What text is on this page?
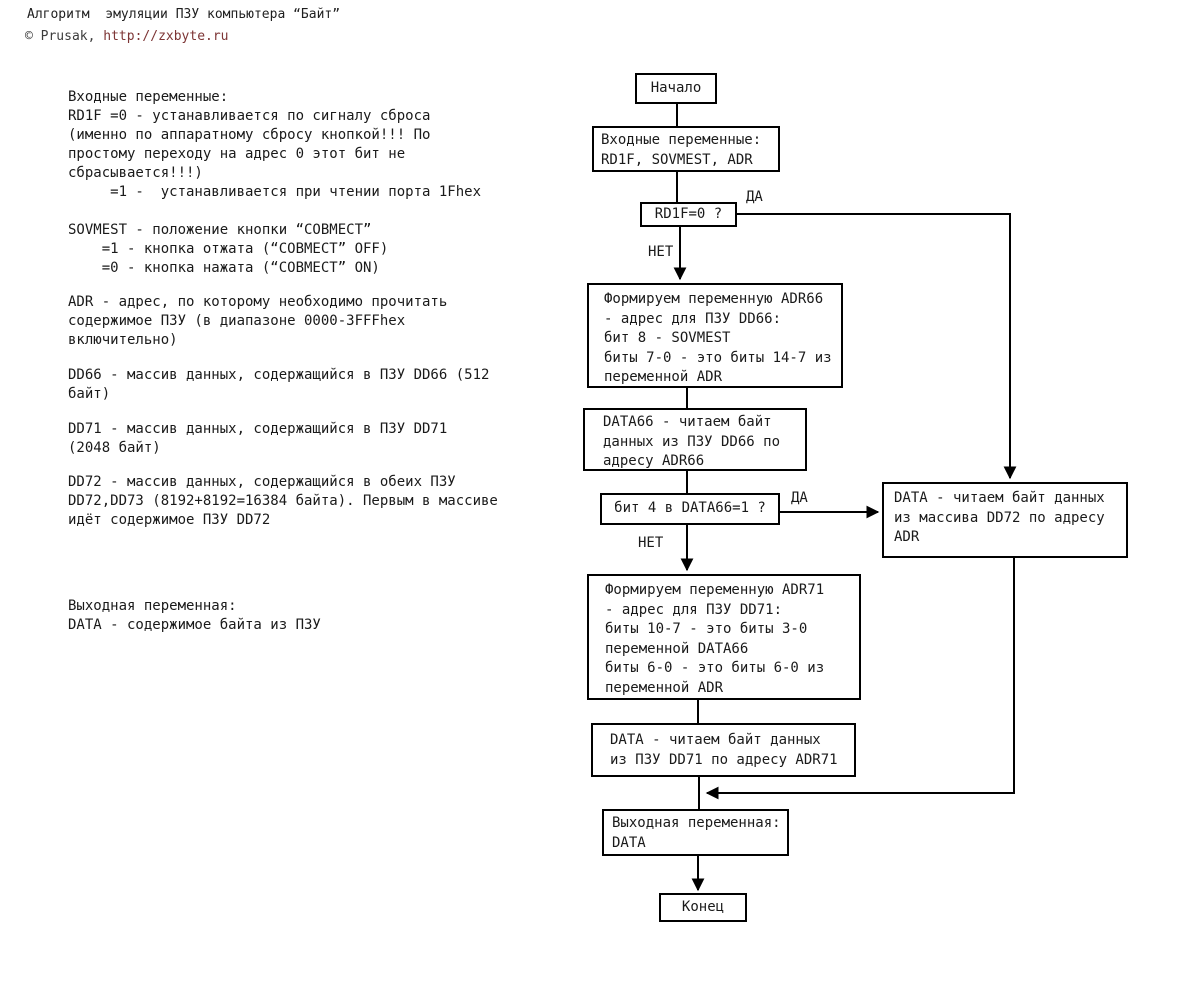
Алгоритм  эмуляции ПЗУ компьютера “Байт”
© Prusak, http://zxbyte.ru
Входные переменные:
RD1F =0 - устанавливается по сигналу сброса
(именно по аппаратному сбросу кнопкой!!! По
простому переходу на адрес 0 этот бит не
сбрасывается!!!)
=1 -  устанавливается при чтении порта 1Fhex
SOVMEST - положение кнопки “СОВМЕСТ”
=1 - кнопка отжата (“СОВМЕСТ” OFF)
=0 - кнопка нажата (“СОВМЕСТ” ON)
ADR - адрес, по которому необходимо прочитать
содержимое ПЗУ (в диапазоне 0000-3FFFhex
включительно)
DD66 - массив данных, содержащийся в ПЗУ DD66 (512
байт)
DD71 - массив данных, содержащийся в ПЗУ DD71
(2048 байт)
DD72 - массив данных, содержащийся в обеих ПЗУ
DD72,DD73 (8192+8192=16384 байта). Первым в массиве
идёт содержимое ПЗУ DD72
Выходная переменная:
DATA - содержимое байта из ПЗУ
ДА
НЕТ
ДА
НЕТ
Начало
Входные переменные:
RD1F, SOVMEST, ADR
RD1F=0 ?
Формируем переменную ADR66
- адрес для ПЗУ DD66:
бит 8 - SOVMEST
биты 7-0 - это биты 14-7 из
переменной ADR
DATA66 - читаем байт
данных из ПЗУ DD66 по
адресу ADR66
бит 4 в DATA66=1 ?
DATA - читаем байт данных
из массива DD72 по адресу
ADR
Формируем переменную ADR71
- адрес для ПЗУ DD71:
биты 10-7 - это биты 3-0
переменной DATA66
биты 6-0 - это биты 6-0 из
переменной ADR
DATA - читаем байт данных
из ПЗУ DD71 по адресу ADR71
Выходная переменная:
DATA
Конец
